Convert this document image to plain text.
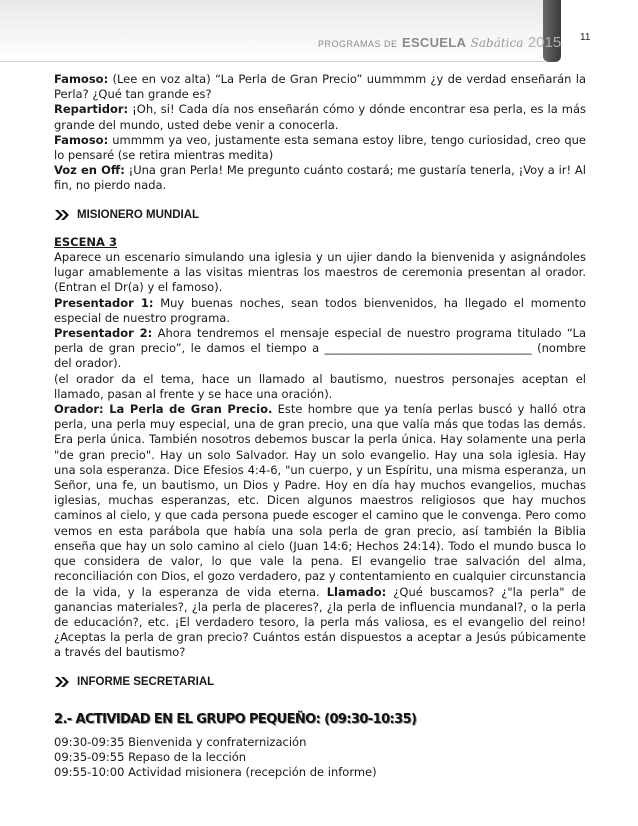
PROGRAMAS DE ESCUELA Sabática 2015 11

Famoso: (Lee en voz alta) “La Perla de Gran Precio” uummmm ¿y de verdad enseñarán la Perla? ¿Qué tan grande es?

Repartidor: ¡Oh, si! Cada día nos enseñarán cómo y dónde encontrar esa perla, es la más grande del mundo, usted debe venir a conocerla.

Famoso: ummmm ya veo, justamente esta semana estoy libre, tengo curiosidad, creo que lo pensaré (se retira mientras medita)

Voz en Off: ¡Una gran Perla! Me pregunto cuánto costará; me gustaría tenerla, ¡Voy a ir! Al fin, no pierdo nada.

MISIONERO MUNDIAL

ESCENA 3

Aparece un escenario simulando una iglesia y un ujier dando la bienvenida y asignándoles lugar amablemente a las visitas mientras los maestros de ceremonia presentan al orador. (Entran el Dr(a) y el famoso).

Presentador 1: Muy buenas noches, sean todos bienvenidos, ha llegado el momento especial de nuestro programa.

Presentador 2: Ahora tendremos el mensaje especial de nuestro programa titulado “La perla de gran precio”, le damos el tiempo a ____________________________________ (nombre del orador).

(el orador da el tema, hace un llamado al bautismo, nuestros personajes aceptan el llamado, pasan al frente y se hace una oración).

Orador: La Perla de Gran Precio. Este hombre que ya tenía perlas buscó y halló otra perla, una perla muy especial, una de gran precio, una que valía más que todas las demás. Era perla única. También nosotros debemos buscar la perla única. Hay solamente una perla "de gran precio". Hay un solo Salvador. Hay un solo evangelio. Hay una sola iglesia. Hay una sola esperanza. Dice Efesios 4:4-6, "un cuerpo, y un Espíritu, una misma esperanza, un Señor, una fe, un bautismo, un Dios y Padre. Hoy en día hay muchos evangelios, muchas iglesias, muchas esperanzas, etc. Dicen algunos maestros religiosos que hay muchos caminos al cielo, y que cada persona puede escoger el camino que le convenga. Pero como vemos en esta parábola que había una sola perla de gran precio, así también la Biblia enseña que hay un solo camino al cielo (Juan 14:6; Hechos 24:14). Todo el mundo busca lo que considera de valor, lo que vale la pena. El evangelio trae salvación del alma, reconciliación con Dios, el gozo verdadero, paz y contentamiento en cualquier circunstancia de la vida, y la esperanza de vida eterna. Llamado: ¿Qué buscamos? ¿"la perla" de ganancias materiales?, ¿la perla de placeres?, ¿la perla de influencia mundanal?, o la perla de educación?, etc. ¡El verdadero tesoro, la perla más valiosa, es el evangelio del reino! ¿Aceptas la perla de gran precio? Cuántos están dispuestos a aceptar a Jesús púbicamente a través del bautismo?

INFORME SECRETARIAL
2.- ACTIVIDAD EN EL GRUPO PEQUEÑO: (09:30-10:35)

09:30-09:35 Bienvenida y confraternización

09:35-09:55 Repaso de la lección

09:55-10:00 Actividad misionera (recepción de informe)
